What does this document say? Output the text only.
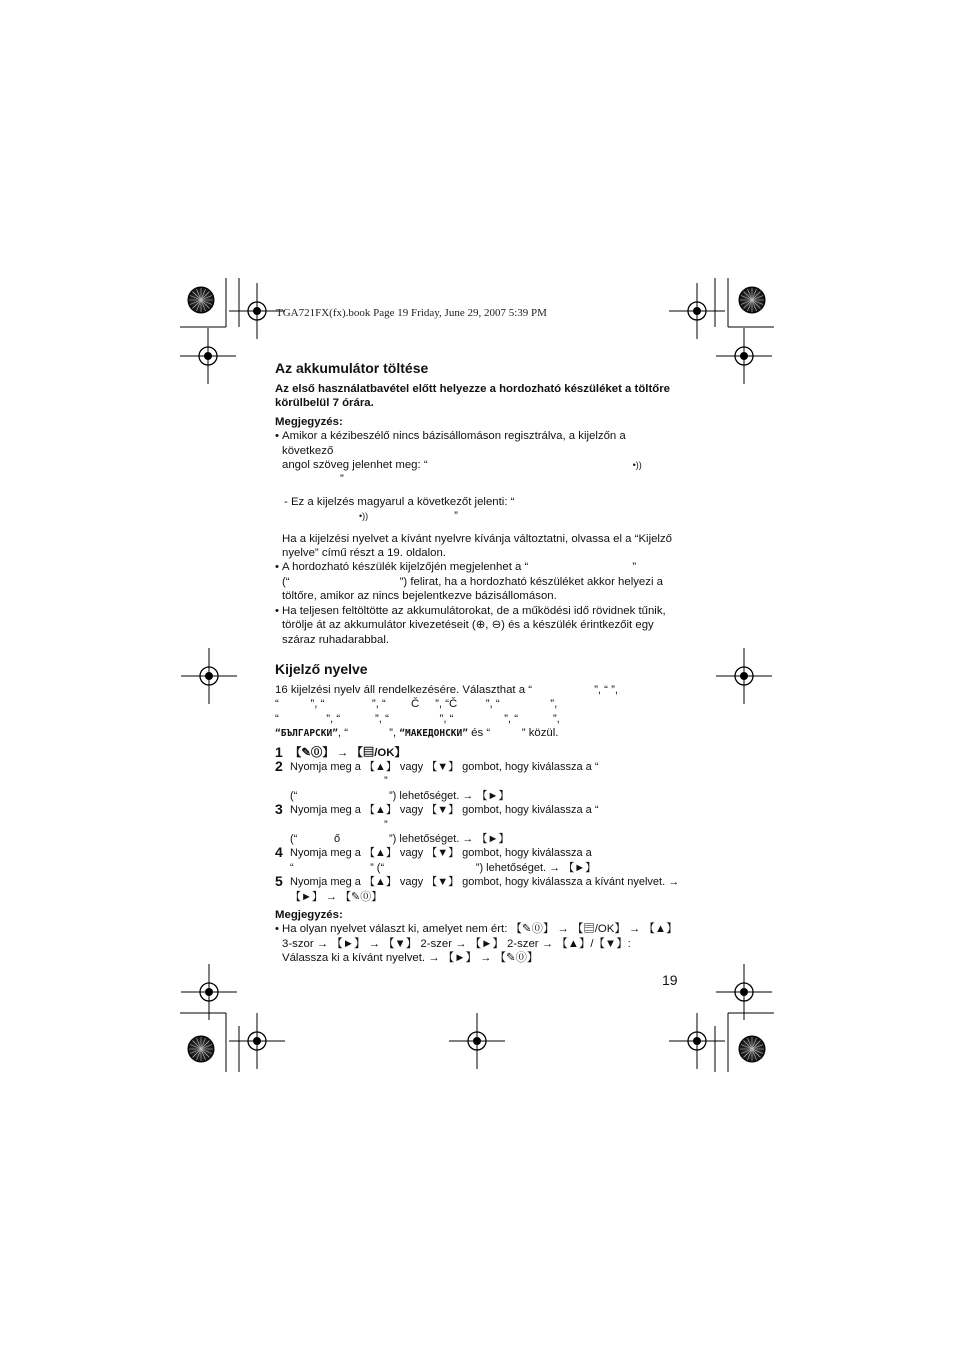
TGA721FX(fx).book Page 19 Friday, June 29, 2007 5:39 PM
Az akkumulátor töltése

Az első használatbavétel előtt helyezze a hordozható készüléket a töltőre körülbelül 7 órára.

Megjegyzés:

• Amikor a kézibeszélő nincs bázisállomáson regisztrálva, a kijelzőn a következő
angol szöveg jelenhet meg: “	•))
”

- Ez a kijelzés magyarul a következőt jelenti: “
•))	”

Ha a kijelzési nyelvet a kívánt nyelvre kívánja változtatni, olvassa el a “Kijelző nyelve” című részt a 19. oldalon.

• A hordozható készülék kijelzőjén megjelenhet a “	”
(“	”) felirat, ha a hordozható készüléket akkor helyezi a töltőre, amikor az nincs bejelentkezve bázisállomáson.

• Ha teljesen feltöltötte az akkumulátorokat, de a működési idő rövidnek tűnik, törölje át az akkumulátor kivezetéseit (⊕, ⊖) és a készülék érintkezőit egy száraz ruhadarabbal.

Kijelző nyelve

16 kijelzési nyelv áll rendelkezésére. Választhat a “	”, “ ”,
“          ”, “               ”, “        Č     ”, “Č         ”, “                ”,
“               ”, “           ”, “                ”, “                ”, “           ”,
“БЪЛГАРСКИ”, “             ”, “МАКЕДОНСКИ” és “          ” közül.

1 【✎⓪】 → 【▤/OK】

2 Nyomja meg a 【▲】 vagy 【▼】 gombot, hogy kiválassza a “”
(“                              ”) lehetőséget. → 【►】

3 Nyomja meg a 【▲】 vagy 【▼】 gombot, hogy kiválassza a “”
(“            ő                ”) lehetőséget. → 【►】

4 Nyomja meg a 【▲】 vagy 【▼】 gombot, hogy kiválassza a
“                         ” (“                              ”) lehetőséget. → 【►】

5 Nyomja meg a 【▲】 vagy 【▼】 gombot, hogy kiválassza a kívánt nyelvet. → 【►】 → 【✎⓪】

Megjegyzés:

• Ha olyan nyelvet választ ki, amelyet nem ért: 【✎⓪】 → 【▤/OK】 → 【▲】 3-szor → 【►】 → 【▼】 2-szer → 【►】 2-szer → 【▲】/【▼】: Válassza ki a kívánt nyelvet. → 【►】 → 【✎⓪】

19
